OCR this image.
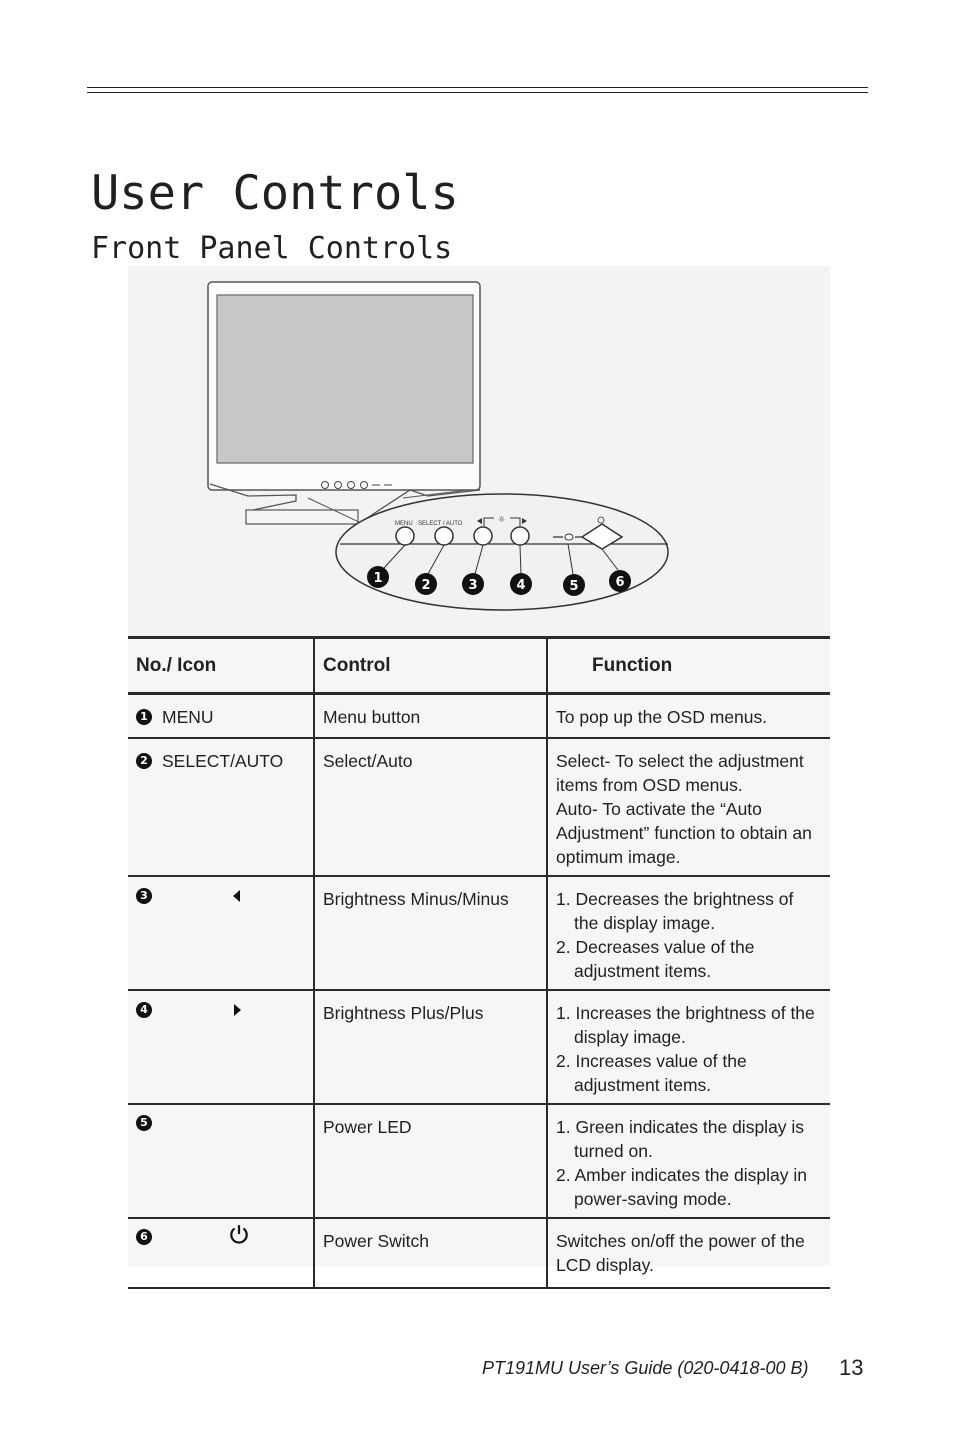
User Controls
Front Panel Controls
MENU SELECT / AUTO	☼
1	2	3	4	5	6
No./ Icon	Control	Function

1 MENU	Menu button	To pop up the OSD menus.

2 SELECT/AUTO	Select/Auto	Select- To select the adjustment items from OSD menus.
Auto- To activate the “Auto Adjustment” function to obtain an optimum image.

3	Brightness Minus/Minus	1. Decreases the brightness of the display image.
2. Decreases value of the adjustment items.

4	Brightness Plus/Plus	1. Increases the brightness of the display image.
2. Increases value of the adjustment items.

5	Power LED	1. Green indicates the display is turned on.
2. Amber indicates the display in power-saving mode.

6	Power Switch	Switches on/off the power of the LCD display.
PT191MU User’s Guide (020-0418-00 B) 13
